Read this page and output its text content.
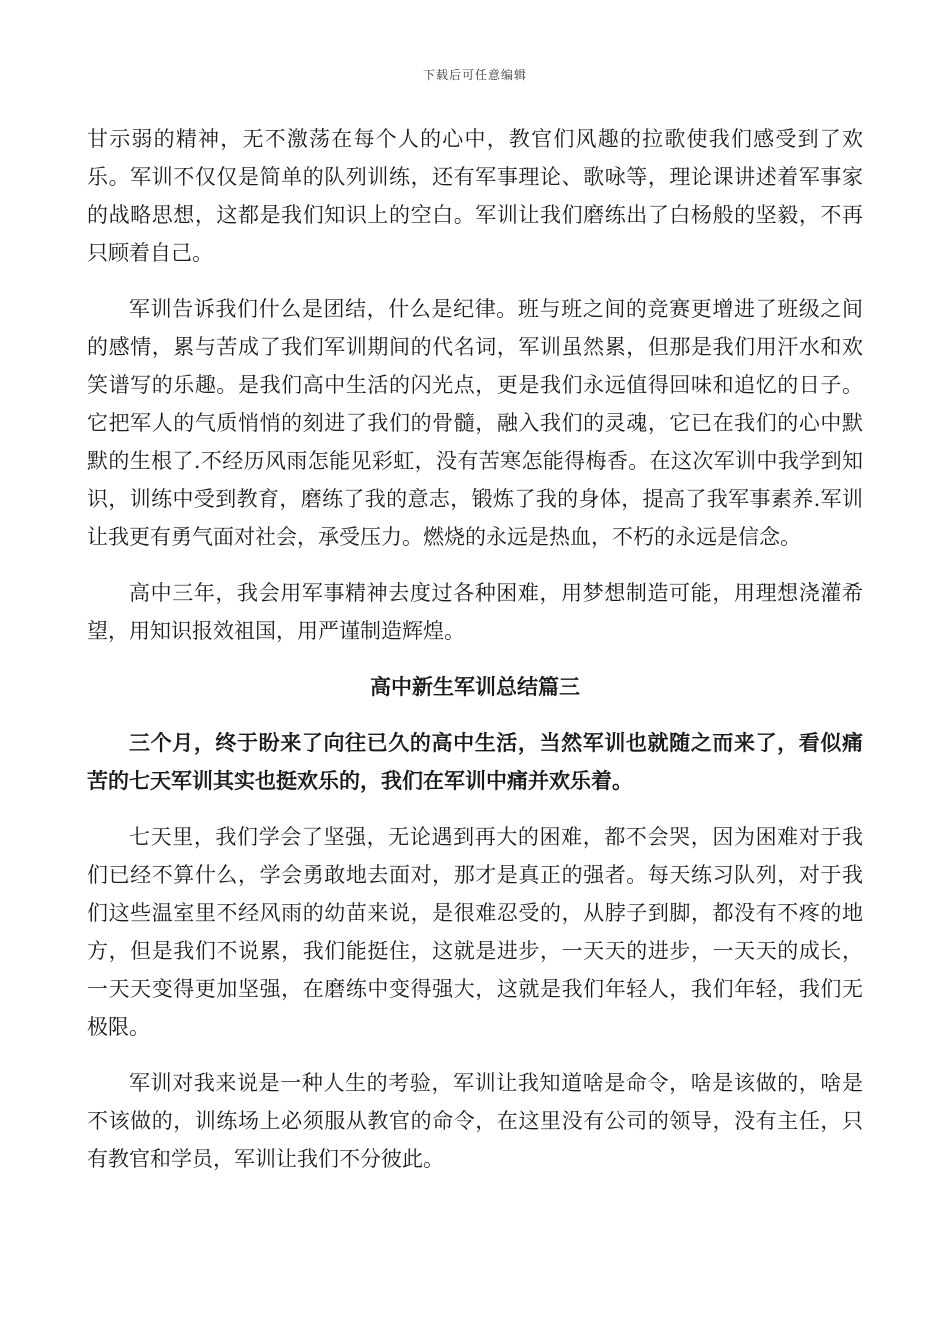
下载后可任意编辑

甘示弱的精神，无不激荡在每个人的心中，教官们风趣的拉歌使我们感受到了欢乐。军训不仅仅是简单的队列训练，还有军事理论、歌咏等，理论课讲述着军事家的战略思想，这都是我们知识上的空白。军训让我们磨练出了白杨般的坚毅，不再只顾着自己。

军训告诉我们什么是团结，什么是纪律。班与班之间的竞赛更增进了班级之间的感情，累与苦成了我们军训期间的代名词，军训虽然累，但那是我们用汗水和欢笑谱写的乐趣。是我们高中生活的闪光点，更是我们永远值得回味和追忆的日子。它把军人的气质悄悄的刻进了我们的骨髓，融入我们的灵魂，它已在我们的心中默默的生根了.不经历风雨怎能见彩虹，没有苦寒怎能得梅香。在这次军训中我学到知识，训练中受到教育，磨练了我的意志，锻炼了我的身体，提高了我军事素养.军训让我更有勇气面对社会，承受压力。燃烧的永远是热血，不朽的永远是信念。

高中三年，我会用军事精神去度过各种困难，用梦想制造可能，用理想浇灌希望，用知识报效祖国，用严谨制造辉煌。

高中新生军训总结篇三

三个月，终于盼来了向往已久的高中生活，当然军训也就随之而来了，看似痛苦的七天军训其实也挺欢乐的，我们在军训中痛并欢乐着。

七天里，我们学会了坚强，无论遇到再大的困难，都不会哭，因为困难对于我们已经不算什么，学会勇敢地去面对，那才是真正的强者。每天练习队列，对于我们这些温室里不经风雨的幼苗来说，是很难忍受的，从脖子到脚，都没有不疼的地方，但是我们不说累，我们能挺住，这就是进步，一天天的进步，一天天的成长，一天天变得更加坚强，在磨练中变得强大，这就是我们年轻人，我们年轻，我们无极限。

军训对我来说是一种人生的考验，军训让我知道啥是命令，啥是该做的，啥是不该做的，训练场上必须服从教官的命令，在这里没有公司的领导，没有主任，只有教官和学员，军训让我们不分彼此。
